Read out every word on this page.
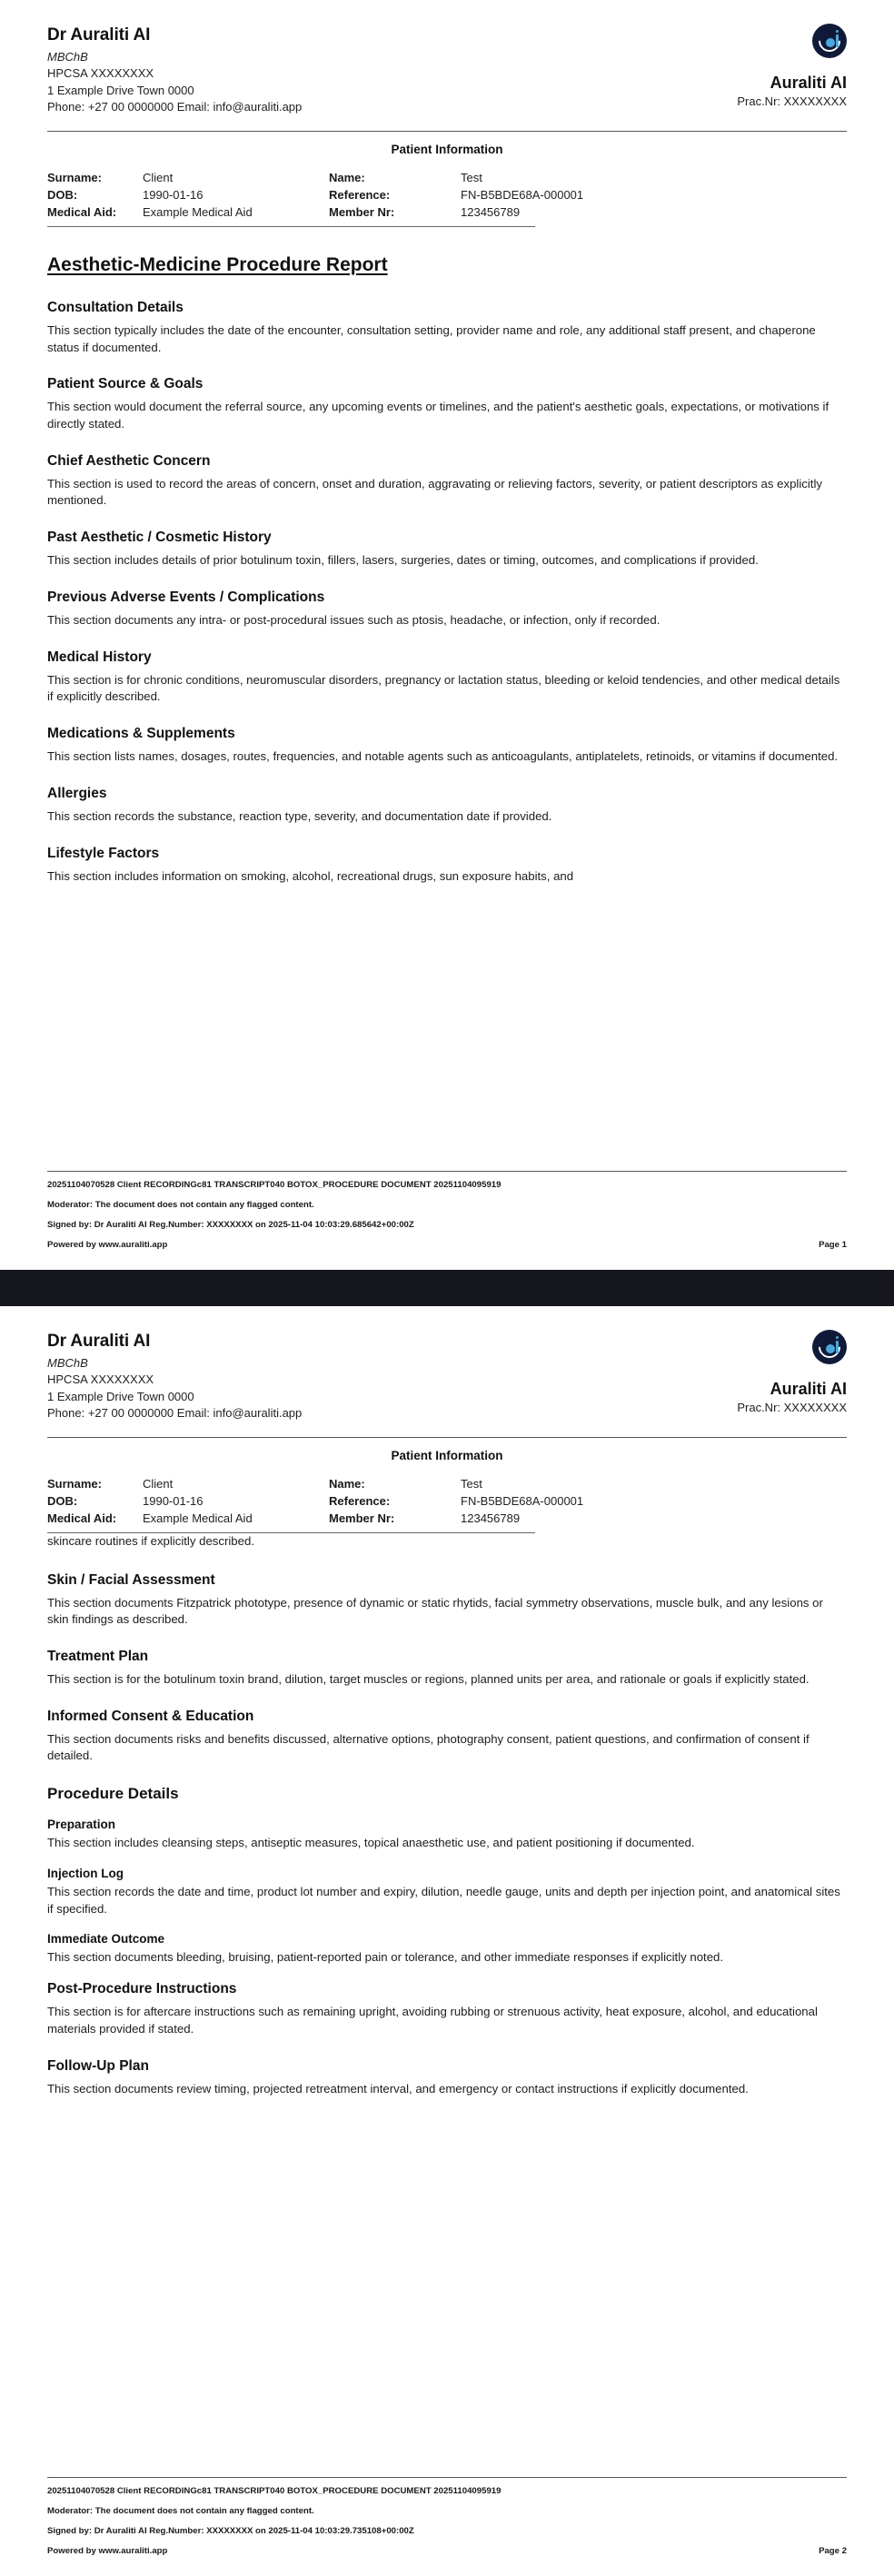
Dr Auraliti AI
MBChB
HPCSA XXXXXXXX
1 Example Drive Town 0000
Phone: +27 00 0000000 Email: info@auraliti.app
Auraliti AI
Prac.Nr: XXXXXXXX
Patient Information
Surname:	Client	Name:	Test
DOB:	1990-01-16	Reference:	FN-B5BDE68A-000001
Medical Aid:	Example Medical Aid	Member Nr:	123456789
Aesthetic-Medicine Procedure Report
Consultation Details

This section typically includes the date of the encounter, consultation setting, provider name and role, any additional staff present, and chaperone status if documented.

Patient Source & Goals

This section would document the referral source, any upcoming events or timelines, and the patient's aesthetic goals, expectations, or motivations if directly stated.

Chief Aesthetic Concern

This section is used to record the areas of concern, onset and duration, aggravating or relieving factors, severity, or patient descriptors as explicitly mentioned.

Past Aesthetic / Cosmetic History

This section includes details of prior botulinum toxin, fillers, lasers, surgeries, dates or timing, outcomes, and complications if provided.

Previous Adverse Events / Complications

This section documents any intra- or post-procedural issues such as ptosis, headache, or infection, only if recorded.

Medical History

This section is for chronic conditions, neuromuscular disorders, pregnancy or lactation status, bleeding or keloid tendencies, and other medical details if explicitly described.

Medications & Supplements

This section lists names, dosages, routes, frequencies, and notable agents such as anticoagulants, antiplatelets, retinoids, or vitamins if documented.

Allergies

This section records the substance, reaction type, severity, and documentation date if provided.

Lifestyle Factors

This section includes information on smoking, alcohol, recreational drugs, sun exposure habits, and

20251104070528 Client RECORDINGc81 TRANSCRIPT040 BOTOX_PROCEDURE DOCUMENT 20251104095919
Moderator: The document does not contain any flagged content.
Signed by: Dr Auraliti AI Reg.Number: XXXXXXXX on 2025-11-04 10:03:29.685642+00:00Z
Powered by www.auraliti.app	Page 1
Dr Auraliti AI
MBChB
HPCSA XXXXXXXX
1 Example Drive Town 0000
Phone: +27 00 0000000 Email: info@auraliti.app
Auraliti AI
Prac.Nr: XXXXXXXX
Patient Information
Surname:	Client	Name:	Test
DOB:	1990-01-16	Reference:	FN-B5BDE68A-000001
Medical Aid:	Example Medical Aid	Member Nr:	123456789

skincare routines if explicitly described.

Skin / Facial Assessment

This section documents Fitzpatrick phototype, presence of dynamic or static rhytids, facial symmetry observations, muscle bulk, and any lesions or skin findings as described.

Treatment Plan

This section is for the botulinum toxin brand, dilution, target muscles or regions, planned units per area, and rationale or goals if explicitly stated.

Informed Consent & Education

This section documents risks and benefits discussed, alternative options, photography consent, patient questions, and confirmation of consent if detailed.

Procedure Details
Preparation

This section includes cleansing steps, antiseptic measures, topical anaesthetic use, and patient positioning if documented.

Injection Log

This section records the date and time, product lot number and expiry, dilution, needle gauge, units and depth per injection point, and anatomical sites if specified.

Immediate Outcome

This section documents bleeding, bruising, patient-reported pain or tolerance, and other immediate responses if explicitly noted.

Post-Procedure Instructions

This section is for aftercare instructions such as remaining upright, avoiding rubbing or strenuous activity, heat exposure, alcohol, and educational materials provided if stated.

Follow-Up Plan

This section documents review timing, projected retreatment interval, and emergency or contact instructions if explicitly documented.

20251104070528 Client RECORDINGc81 TRANSCRIPT040 BOTOX_PROCEDURE DOCUMENT 20251104095919
Moderator: The document does not contain any flagged content.
Signed by: Dr Auraliti AI Reg.Number: XXXXXXXX on 2025-11-04 10:03:29.735108+00:00Z
Powered by www.auraliti.app	Page 2
